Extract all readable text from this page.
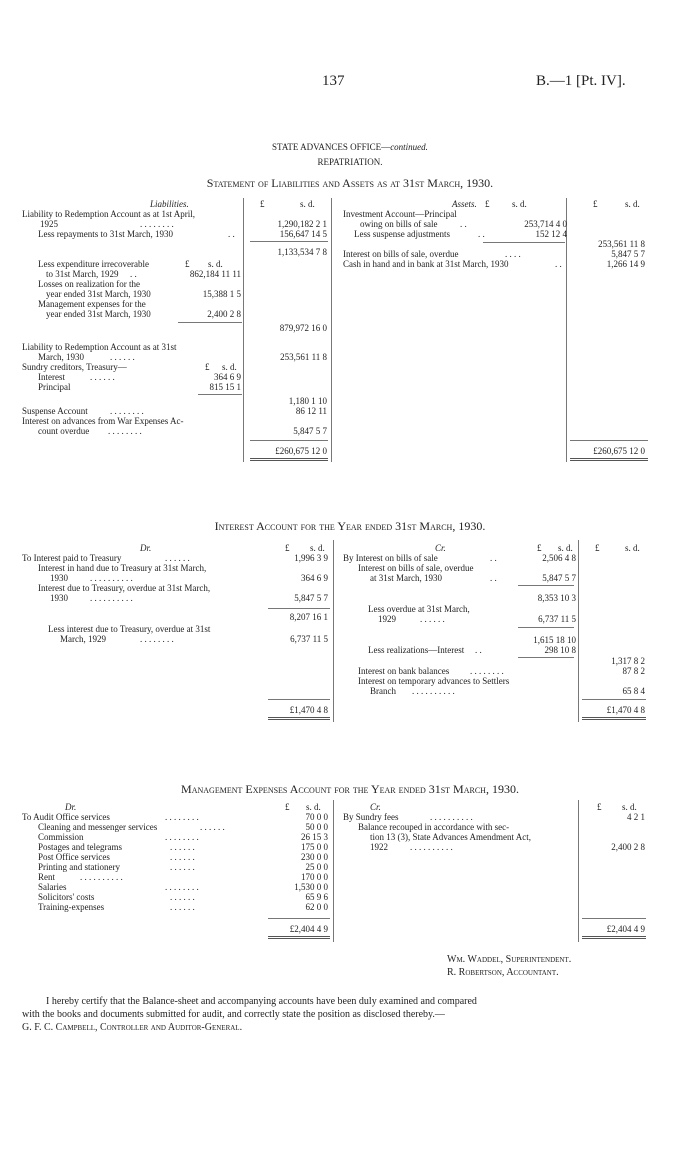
137	B.—1 [Pt. IV].
STATE ADVANCES OFFICE—continued.
REPATRIATION.
Statement of Liabilities and Assets as at 31st March, 1930.
Liabilities.	£	s. d.
Liability to Redemption Account as at 1st April,
1925	. . . . . . . .	1,290,182 2 1
Less repayments to 31st March, 1930	. .	156,647 14 5
1,133,534 7 8
Less expenditure irrecoverable	£ s. d.
to 31st March, 1929 . .	862,184 11 11
Losses on realization for the
year ended 31st March, 1930	15,388 1 5
Management expenses for the
year ended 31st March, 1930	2,400 2 8
879,972 16 0
Liability to Redemption Account as at 31st
March, 1930	. . . . . .	253,561 11 8
Sundry creditors, Treasury—	£ s. d.
Interest	. . . . . .	364 6 9
Principal	815 15 1
1,180 1 10
Suspense Account . . . . . . . .	86 12 11
Interest on advances from War Expenses Ac-
count overdue . . . . . . . .	5,847 5 7
£260,675 12 0
Assets. £	s. d.	£	s. d.
Investment Account—Principal
owing on bills of sale	. .	253,714 4 0
Less suspense adjustments	. .	152 12 4
253,561 11 8
Interest on bills of sale, overdue	. . . .	5,847 5 7
Cash in hand and in bank at 31st March, 1930	. .	1,266 14 9
£260,675 12 0
Interest Account for the Year ended 31st March, 1930.
Dr.	£ s. d.
To Interest paid to Treasury	. . . . . .	1,996 3 9
Interest in hand due to Treasury at 31st March,
1930 . . . . . . . . . .	364 6 9
Interest due to Treasury, overdue at 31st March,
1930 . . . . . . . . . .	5,847 5 7
8,207 16 1
Less interest due to Treasury, overdue at 31st
March, 1929	. . . . . . . .	6,737 11 5
£1,470 4 8
Cr.	£ s. d. £	s. d.
By Interest on bills of sale	. .	2,506 4 8
Interest on bills of sale, overdue
at 31st March, 1930	. .	5,847 5 7
8,353 10 3
Less overdue at 31st March,
1929	. . . . . .	6,737 11 5
1,615 18 10
Less realizations—Interest . .	298 10 8
1,317 8 2
Interest on bank balances . . . . . . . .	87 8 2
Interest on temporary advances to Settlers
Branch . . . . . . . . . .	65 8 4
£1,470 4 8
Management Expenses Account for the Year ended 31st March, 1930.
Dr.	£ s. d.
To Audit Office services	. . . . . . . .	70 0 0
Cleaning and messenger services	. . . . . .	50 0 0
Commission	. . . . . . . .	26 15 3
Postages and telegrams	. . . . . .	175 0 0
Post Office services	. . . . . .	230 0 0
Printing and stationery	. . . . . .	25 0 0
Rent	. . . . . . . . . .	170 0 0
Salaries	. . . . . . . .	1,530 0 0
Solicitors' costs	. . . . . .	65 9 6
Training-expenses	. . . . . .	62 0 0
£2,404 4 9
Cr.	£ s. d.
By Sundry fees	. . . . . . . . . .	4 2 1
Balance recouped in accordance with sec-
tion 13 (3), State Advances Amendment Act,
1922 . . . . . . . . . .	2,400 2 8
£2,404 4 9
Wm. Waddel, Superintendent.
R. Robertson, Accountant.
I hereby certify that the Balance-sheet and accompanying accounts have been duly examined and compared
with the books and documents submitted for audit, and correctly state the position as disclosed thereby.—
G. F. C. Campbell, Controller and Auditor-General.
